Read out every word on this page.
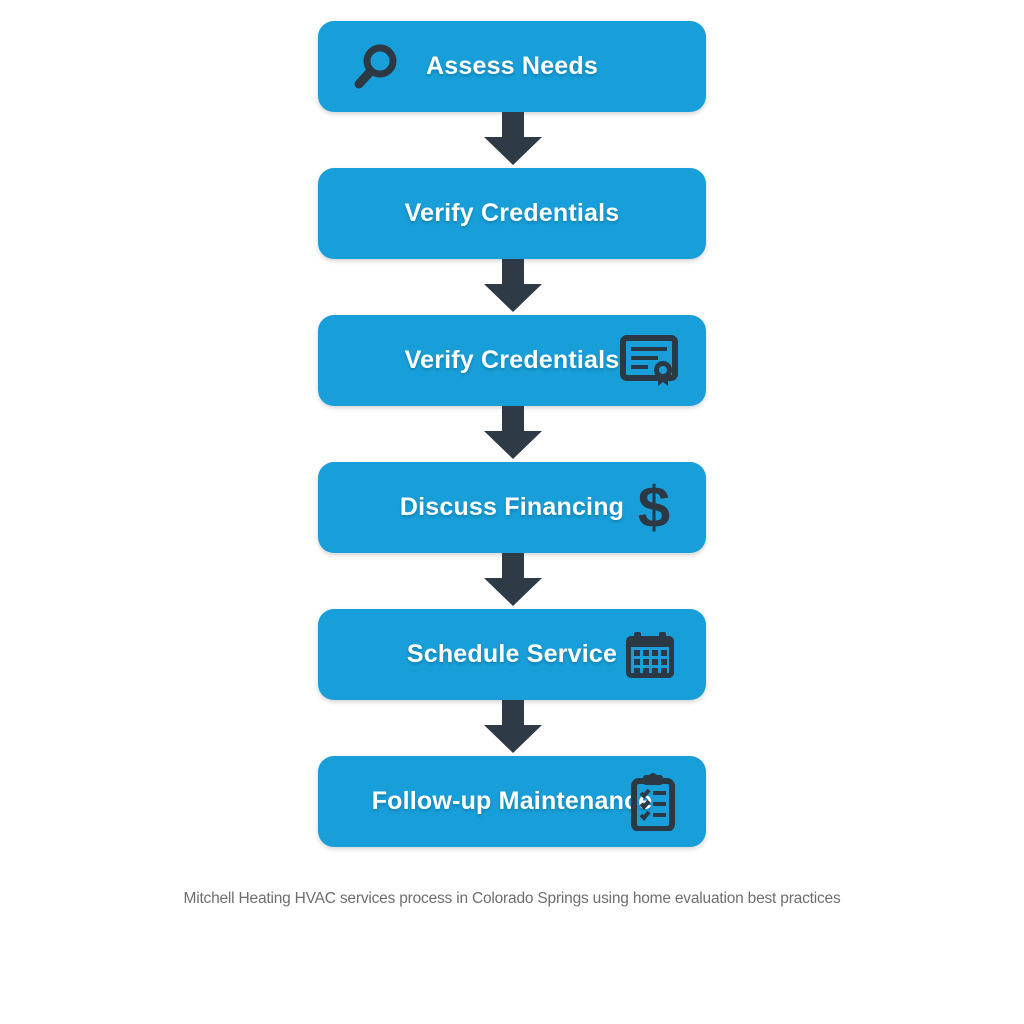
Assess Needs
Verify Credentials
Verify Credentials
Discuss Financing $
Schedule Service
Follow-up Maintenance
Mitchell Heating HVAC services process in Colorado Springs using home evaluation best practices
